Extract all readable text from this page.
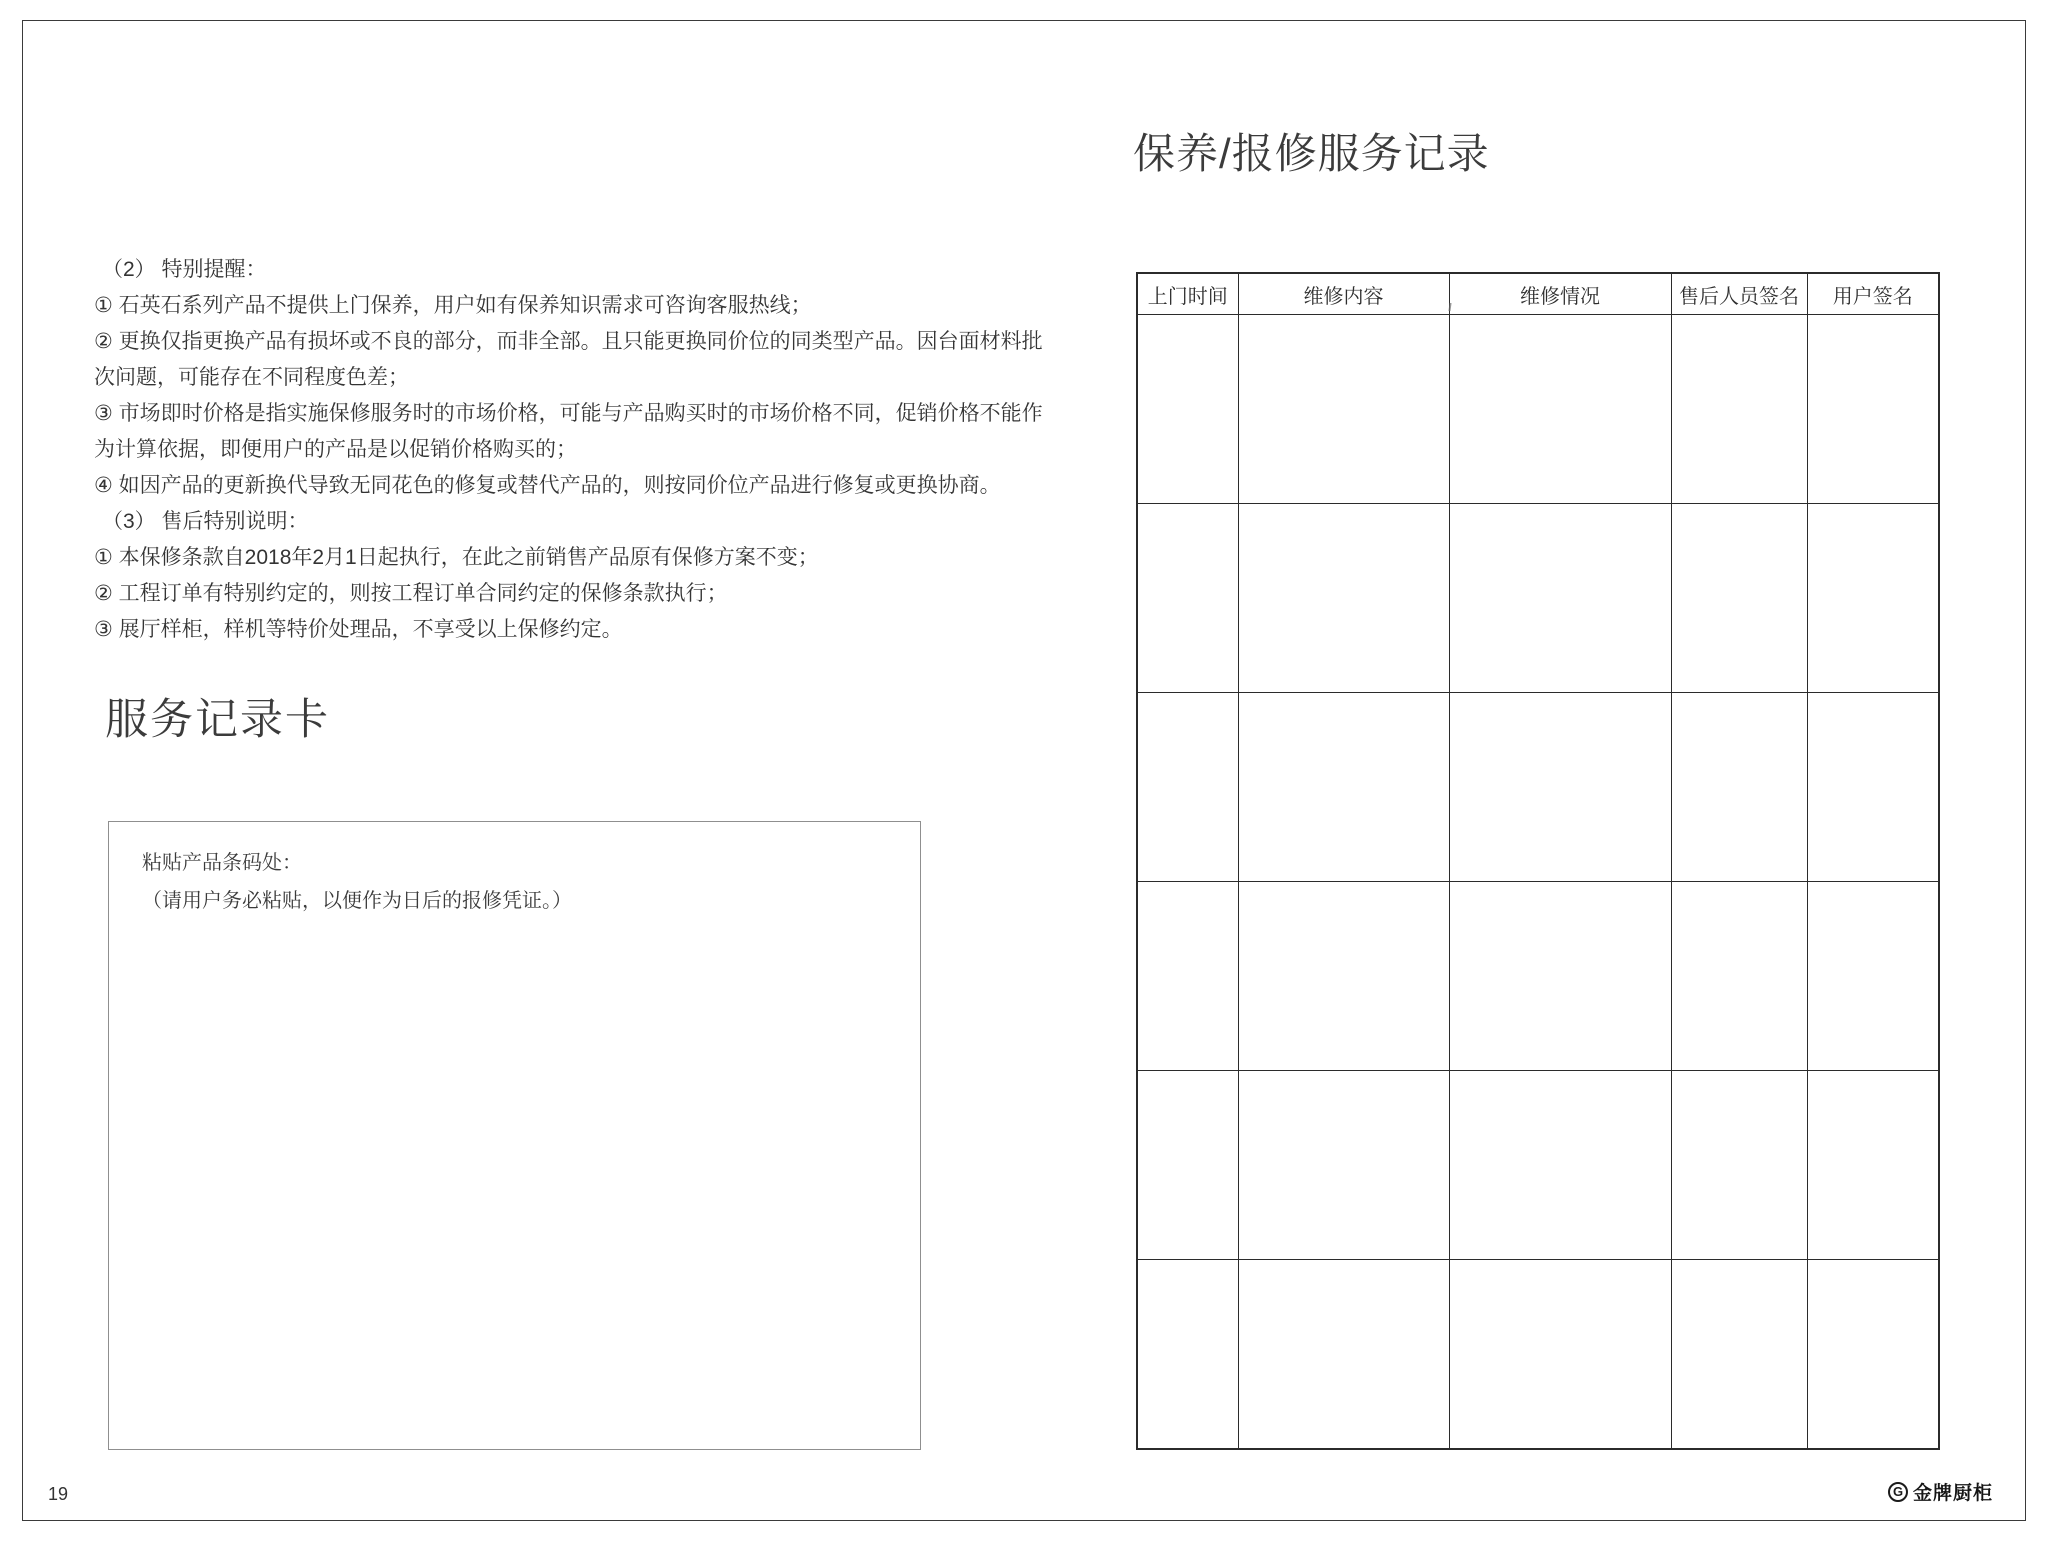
（2） 特别提醒：
① 石英石系列产品不提供上门保养，用户如有保养知识需求可咨询客服热线；
② 更换仅指更换产品有损坏或不良的部分，而非全部。且只能更换同价位的同类型产品。因台面材料批
次问题，可能存在不同程度色差；
③ 市场即时价格是指实施保修服务时的市场价格，可能与产品购买时的市场价格不同，促销价格不能作
为计算依据，即便用户的产品是以促销价格购买的；
④ 如因产品的更新换代导致无同花色的修复或替代产品的，则按同价位产品进行修复或更换协商。
（3） 售后特别说明：
① 本保修条款自2018年2月1日起执行，在此之前销售产品原有保修方案不变；
② 工程订单有特别约定的，则按工程订单合同约定的保修条款执行；
③ 展厅样柜，样机等特价处理品，不享受以上保修约定。
服务记录卡
粘贴产品条码处：
（请用户务必粘贴，以便作为日后的报修凭证。）
19
保养/报修服务记录
上门时间	维修内容	维修情况	售后人员签名	用户签名

G 金牌厨柜
